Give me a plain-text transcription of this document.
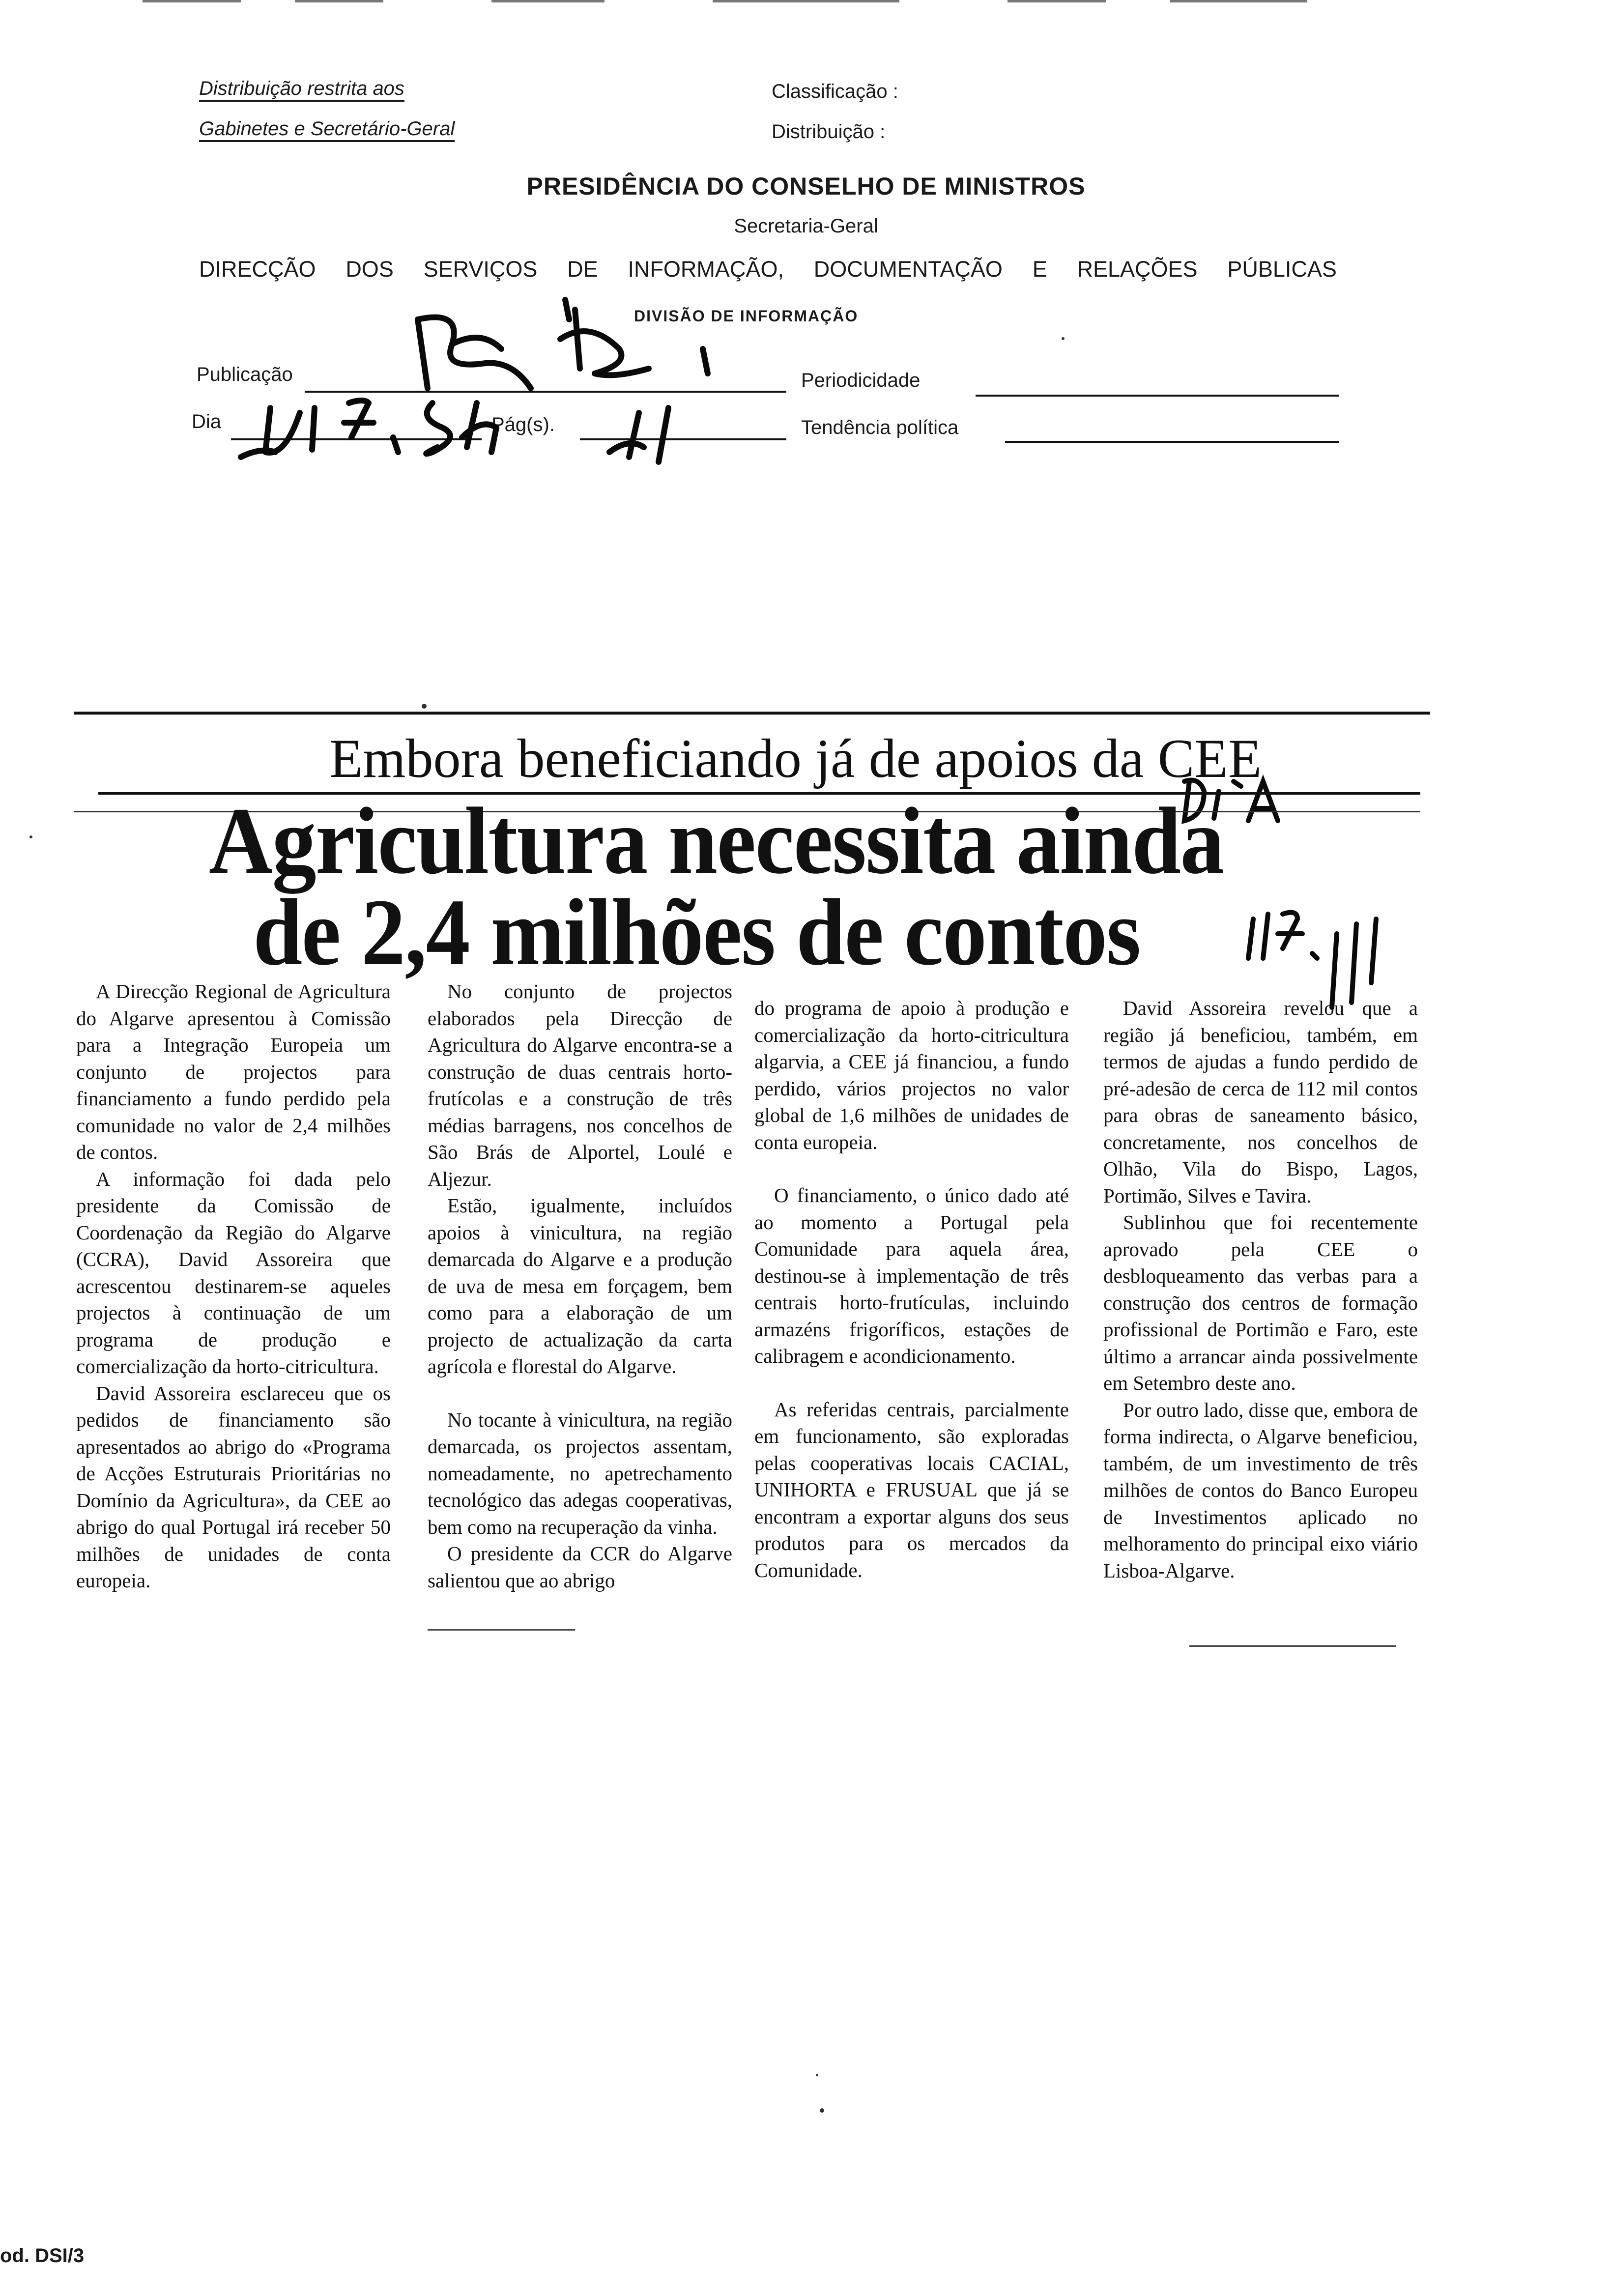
Distribuição restrita aos
Gabinetes e Secretário-Geral
Classificação :
Distribuição :
PRESIDÊNCIA DO CONSELHO DE MINISTROS
Secretaria-Geral
DIRECÇÃO DOS SERVIÇOS DE INFORMAÇÃO, DOCUMENTAÇÃO E RELAÇÕES PÚBLICAS
DIVISÃO DE INFORMAÇÃO
Publicação	Periodicidade
Dia	Pág(s).	Tendência política
Embora beneficiando já de apoios da CEE
Agricultura necessita ainda
de 2,4 milhões de contos

A Direcção Regional de Agricultura do Algarve apresentou à Comissão para a Integração Europeia um conjunto de projectos para financiamento a fundo perdido pela comunidade no valor de 2,4 milhões de contos.

A informação foi dada pelo presidente da Comissão de Coordenação da Região do Algarve (CCRA), David Assoreira que acrescentou destinarem-se aqueles projectos à continuação de um programa de produção e comercialização da horto-citricultura.

David Assoreira esclareceu que os pedidos de financiamento são apresentados ao abrigo do «Programa de Acções Estruturais Prioritárias no Domínio da Agricultura», da CEE ao abrigo do qual Portugal irá receber 50 milhões de unidades de conta europeia.

No conjunto de projectos elaborados pela Direcção de Agricultura do Algarve encontra-se a construção de duas centrais horto-frutícolas e a construção de três médias barragens, nos concelhos de São Brás de Alportel, Loulé e Aljezur.

Estão, igualmente, incluídos apoios à vinicultura, na região demarcada do Algarve e a produção de uva de mesa em forçagem, bem como para a elaboração de um projecto de actualização da carta agrícola e florestal do Algarve.

No tocante à vinicultura, na região demarcada, os projectos assentam, nomeadamente, no apetrechamento tecnológico das adegas cooperativas, bem como na recuperação da vinha.

O presidente da CCR do Algarve salientou que ao abrigo

do programa de apoio à produção e comercialização da horto-citricultura algarvia, a CEE já financiou, a fundo perdido, vários projectos no valor global de 1,6 milhões de unidades de conta europeia.

O financiamento, o único dado até ao momento a Portugal pela Comunidade para aquela área, destinou-se à implementação de três centrais horto-frutículas, incluindo armazéns frigoríficos, estações de calibragem e acondicionamento.

As referidas centrais, parcialmente em funcionamento, são exploradas pelas cooperativas locais CACIAL, UNIHORTA e FRUSUAL que já se encontram a exportar alguns dos seus produtos para os mercados da Comunidade.

David Assoreira revelou que a região já beneficiou, também, em termos de ajudas a fundo perdido de pré-adesão de cerca de 112 mil contos para obras de saneamento básico, concretamente, nos concelhos de Olhão, Vila do Bispo, Lagos, Portimão, Silves e Tavira.

Sublinhou que foi recentemente aprovado pela CEE o desbloqueamento das verbas para a construção dos centros de formação profissional de Portimão e Faro, este último a arrancar ainda possivelmente em Setembro deste ano.

Por outro lado, disse que, embora de forma indirecta, o Algarve beneficiou, também, de um investimento de três milhões de contos do Banco Europeu de Investimentos aplicado no melhoramento do principal eixo viário Lisboa-Algarve.

od. DSI/3
